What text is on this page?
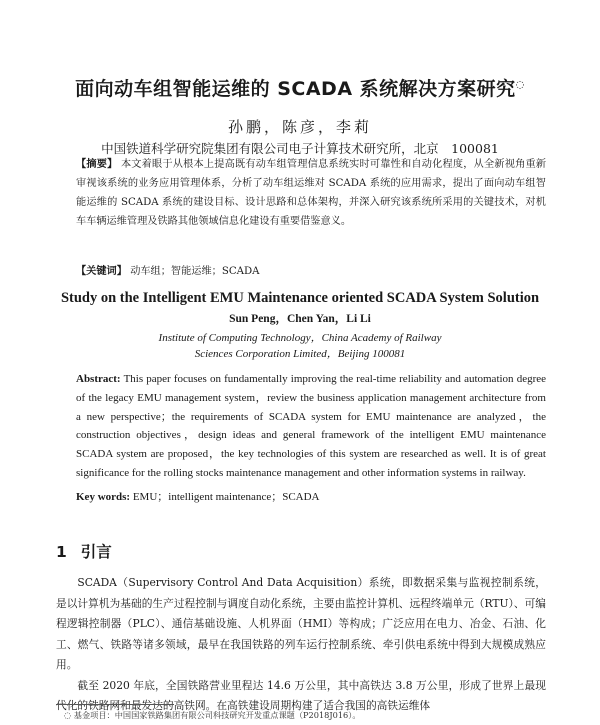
面向动车组智能运维的 SCADA 系统解决方案研究◌
孙鹏，陈彦，李莉
中国铁道科学研究院集团有限公司电子计算技术研究所，北京　100081
【摘要】 本文着眼于从根本上提高既有动车组管理信息系统实时可靠性和自动化程度，从全新视角重新审视该系统的业务应用管理体系，分析了动车组运维对 SCADA 系统的应用需求，提出了面向动车组智能运维的 SCADA 系统的建设目标、设计思路和总体架构，并深入研究该系统所采用的关键技术，对机车车辆运维管理及铁路其他领域信息化建设有重要借鉴意义。
【关键词】 动车组；智能运维；SCADA
Study on the Intelligent EMU Maintenance oriented SCADA System Solution
Sun Peng，Chen Yan，Li Li
Institute of Computing Technology，China Academy of Railway
Sciences Corporation Limited，Beijing 100081
Abstract: This paper focuses on fundamentally improving the real-time reliability and automation degree of the legacy EMU management system，review the business application management architecture from a new perspective；the requirements of SCADA system for EMU maintenance are analyzed，the construction objectives，design ideas and general framework of the intelligent EMU maintenance SCADA system are proposed，the key technologies of this system are researched as well. It is of great significance for the rolling stocks maintenance management and other information systems in railway.
Key words: EMU；intelligent maintenance；SCADA
1 引言

SCADA（Supervisory Control And Data Acquisition）系统，即数据采集与监视控制系统，是以计算机为基础的生产过程控制与调度自动化系统，主要由监控计算机、远程终端单元（RTU）、可编程逻辑控制器（PLC）、通信基础设施、人机界面（HMI）等构成；广泛应用在电力、冶金、石油、化工、燃气、铁路等诸多领域，最早在我国铁路的列车运行控制系统、牵引供电系统中得到大规模成熟应用。

截至 2020 年底，全国铁路营业里程达 14.6 万公里，其中高铁达 3.8 万公里，形成了世界上最现代化的铁路网和最发达的高铁网。在高铁建设周期构建了适合我国的高铁运维体

◌ 基金项目：中国国家铁路集团有限公司科技研究开发重点课题（P2018J016）。
